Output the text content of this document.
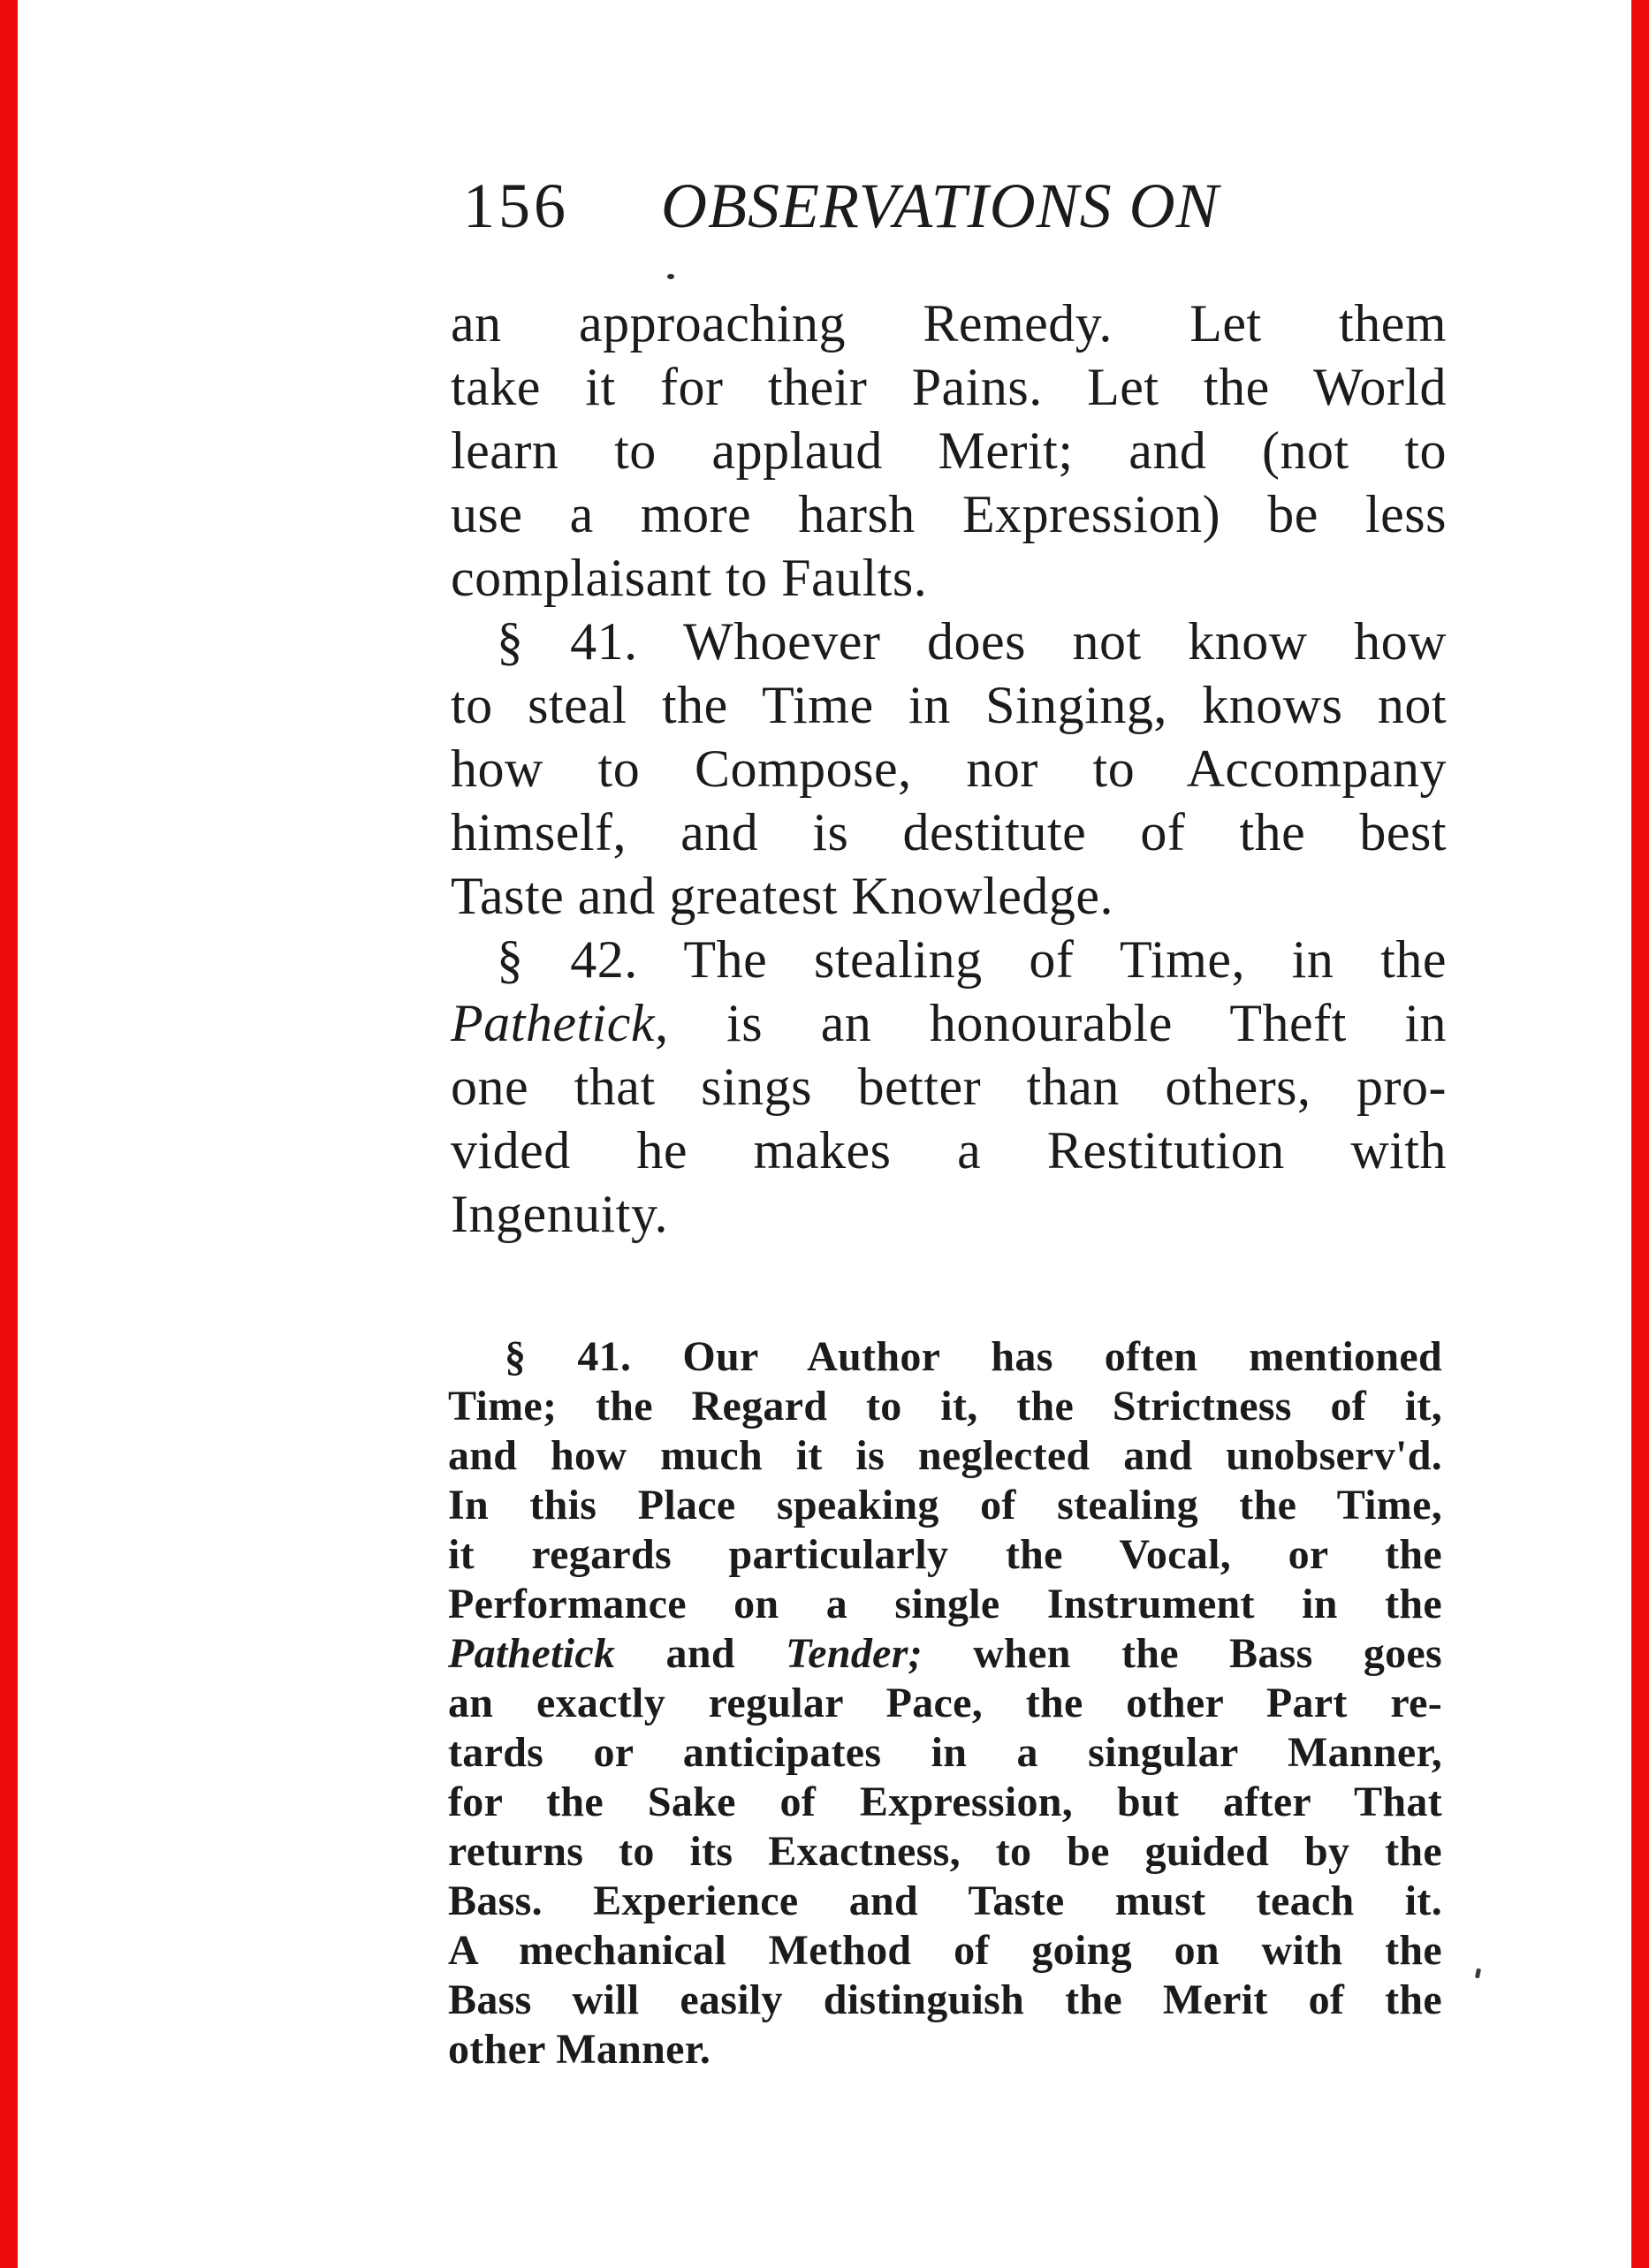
156 OBSERVATIONS ON
an approaching Remedy. Let them
take it for their Pains. Let the World
learn to applaud Merit; and (not to
use a more harsh Expression) be less
complaisant to Faults.
§ 41. Whoever does not know how
to steal the Time in Singing, knows not
how to Compose, nor to Accompany
himself, and is destitute of the best
Taste and greatest Knowledge.
§ 42. The stealing of Time, in the
Pathetick, is an honourable Theft in
one that sings better than others, pro-
vided he makes a Restitution with
Ingenuity.
§ 41. Our Author has often mentioned
Time; the Regard to it, the Strictness of it,
and how much it is neglected and unobserv'd.
In this Place speaking of stealing the Time,
it regards particularly the Vocal, or the
Performance on a single Instrument in the
Pathetick and Tender; when the Bass goes
an exactly regular Pace, the other Part re-
tards or anticipates in a singular Manner,
for the Sake of Expression, but after That
returns to its Exactness, to be guided by the
Bass. Experience and Taste must teach it.
A mechanical Method of going on with the
Bass will easily distinguish the Merit of the
other Manner.
